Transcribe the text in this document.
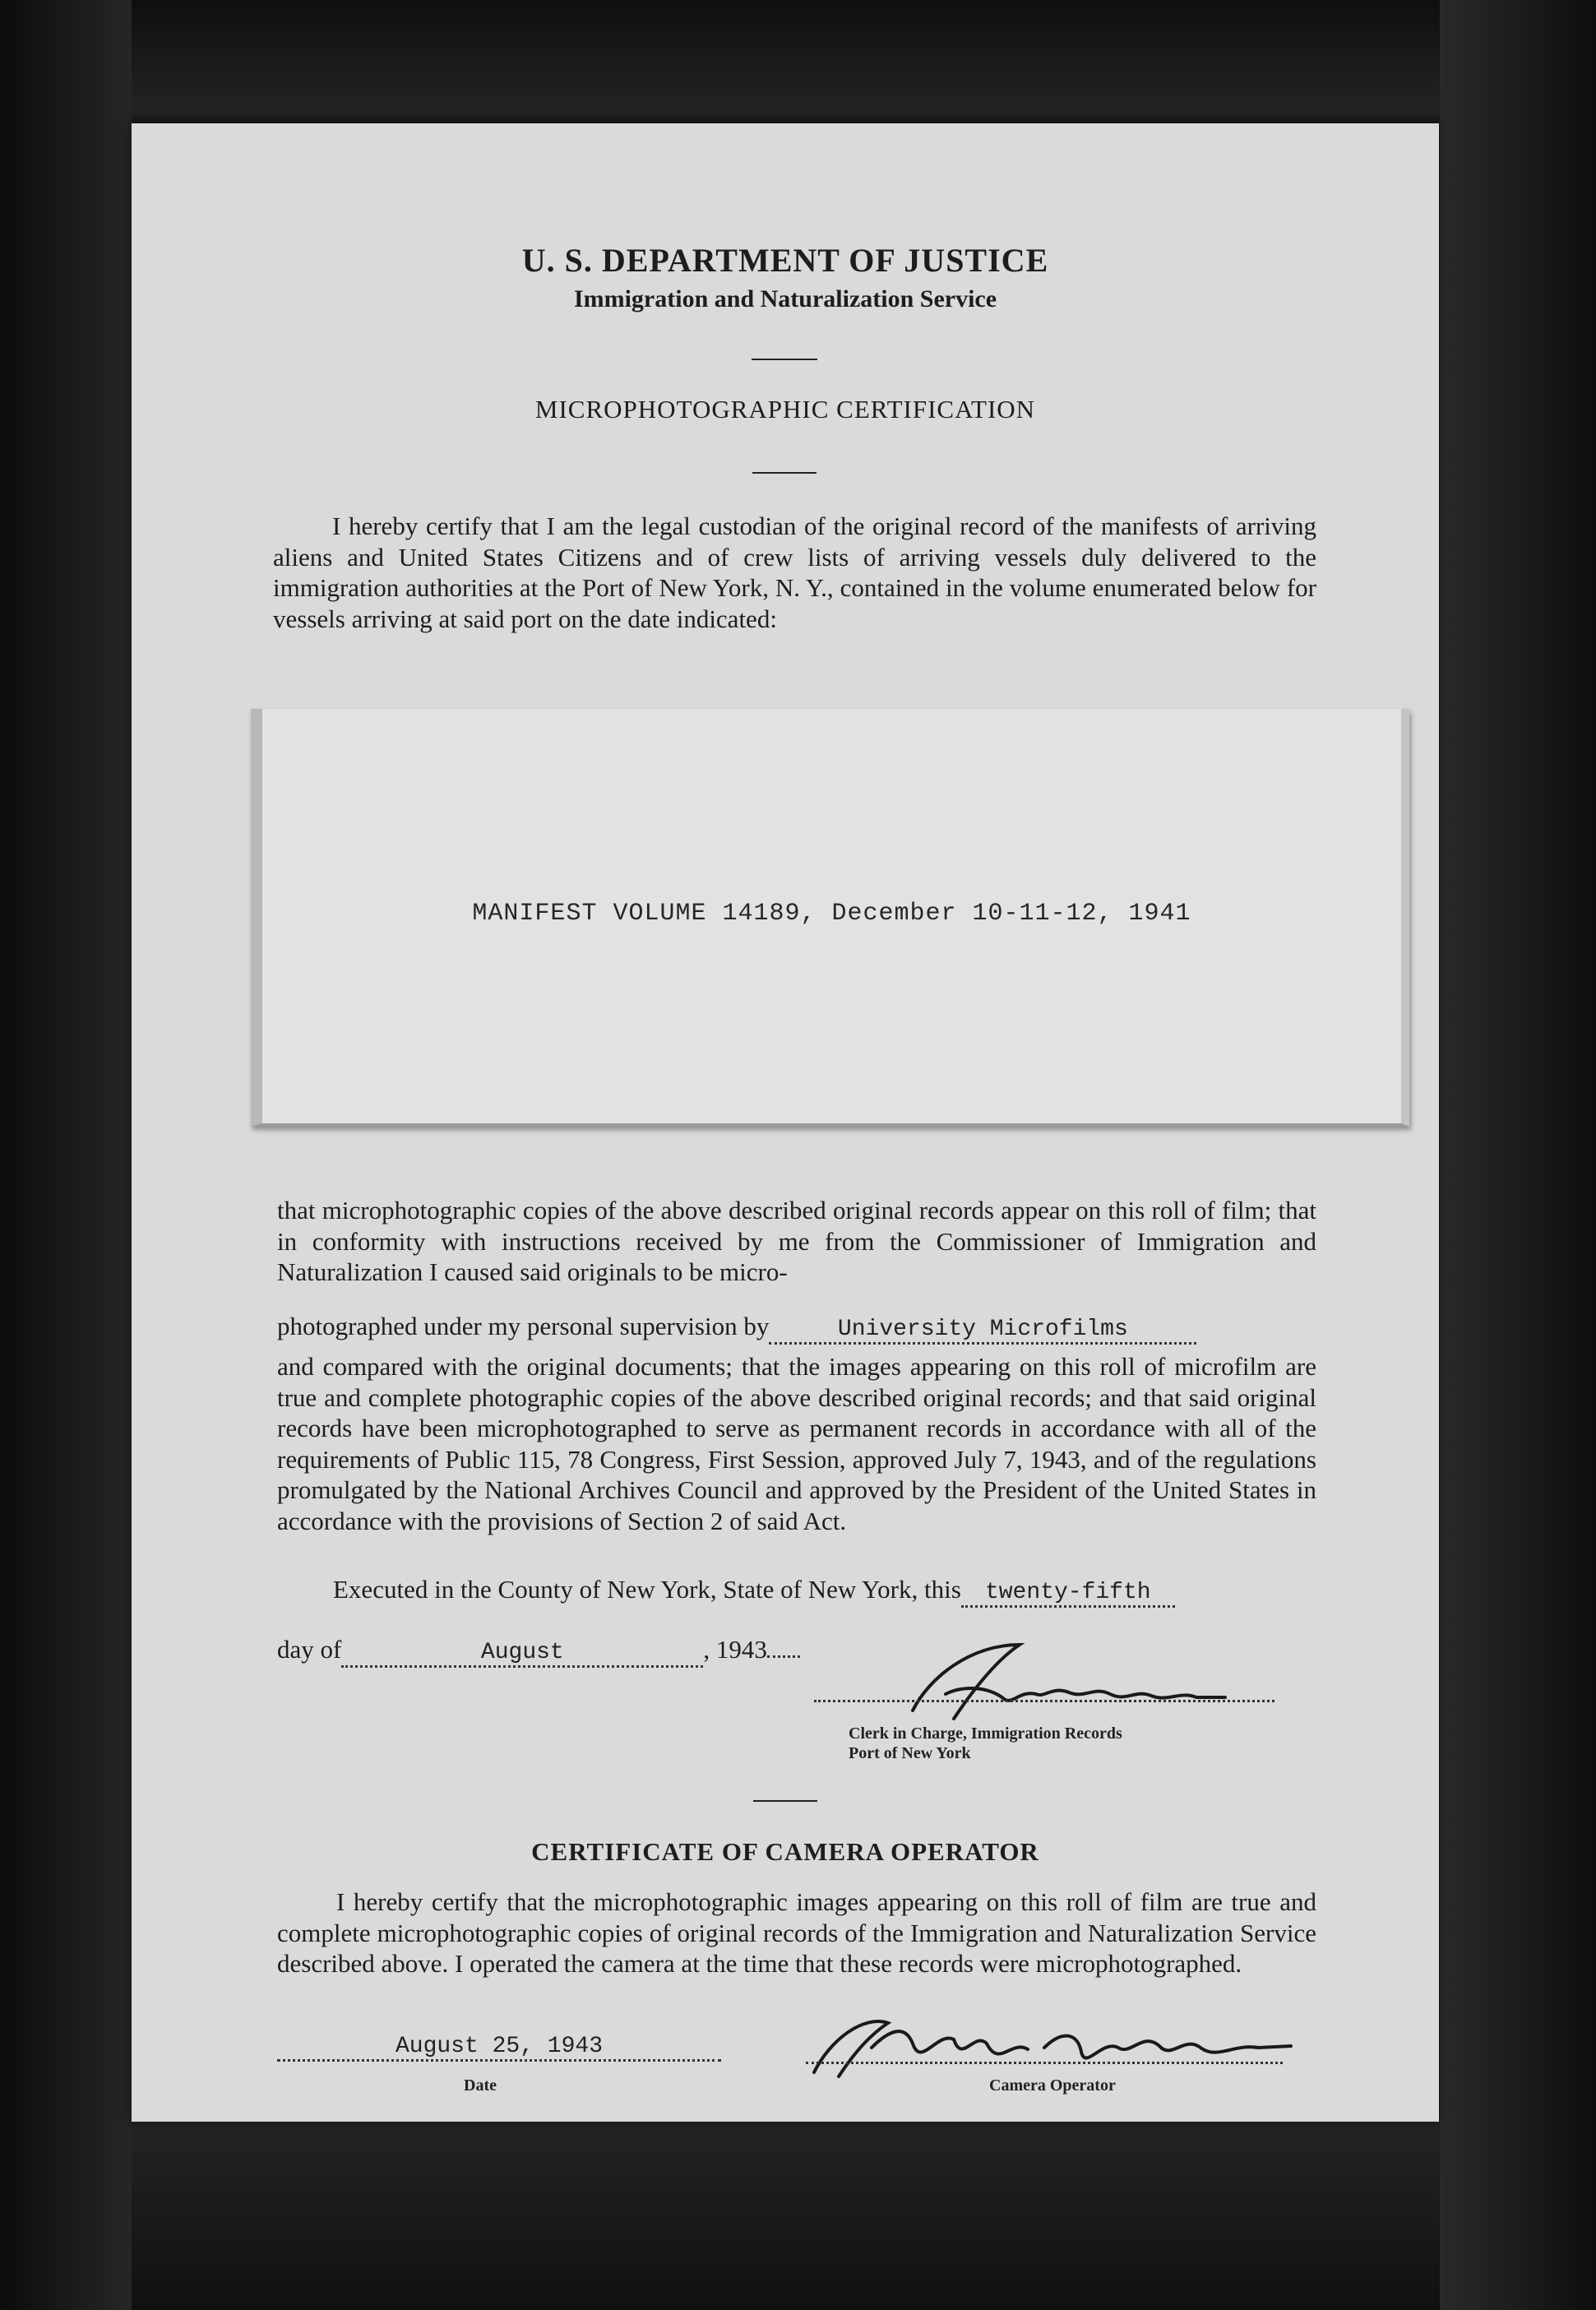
U. S. DEPARTMENT OF JUSTICE
Immigration and Naturalization Service
MICROPHOTOGRAPHIC CERTIFICATION

I hereby certify that I am the legal custodian of the original record of the manifests of arriving aliens and United States Citizens and of crew lists of arriving vessels duly delivered to the immigration authorities at the Port of New York, N. Y., contained in the volume enumerated below for vessels arriving at said port on the date indicated:

MANIFEST VOLUME 14189, December 10-11-12, 1941

that microphotographic copies of the above described original records appear on this roll of film; that in conformity with instructions received by me from the Commissioner of Immigration and Naturalization I caused said originals to be micro-

photographed under my personal supervision by	University Microfilms

and compared with the original documents; that the images appearing on this roll of microfilm are true and complete photographic copies of the above described original records; and that said original records have been microphotographed to serve as permanent records in accordance with all of the requirements of Public 115, 78 Congress, First Session, approved July 7, 1943, and of the regulations promulgated by the National Archives Council and approved by the President of the United States in accordance with the provisions of Section 2 of said Act.

Executed in the County of New York, State of New York, this twenty-fifth

day of	August	, 1943

Clerk in Charge, Immigration Records

Port of New York

CERTIFICATE OF CAMERA OPERATOR

I hereby certify that the microphotographic images appearing on this roll of film are true and complete microphotographic copies of original records of the Immigration and Naturalization Service described above. I operated the camera at the time that these records were microphotographed.

August 25, 1943

Date	Camera Operator
